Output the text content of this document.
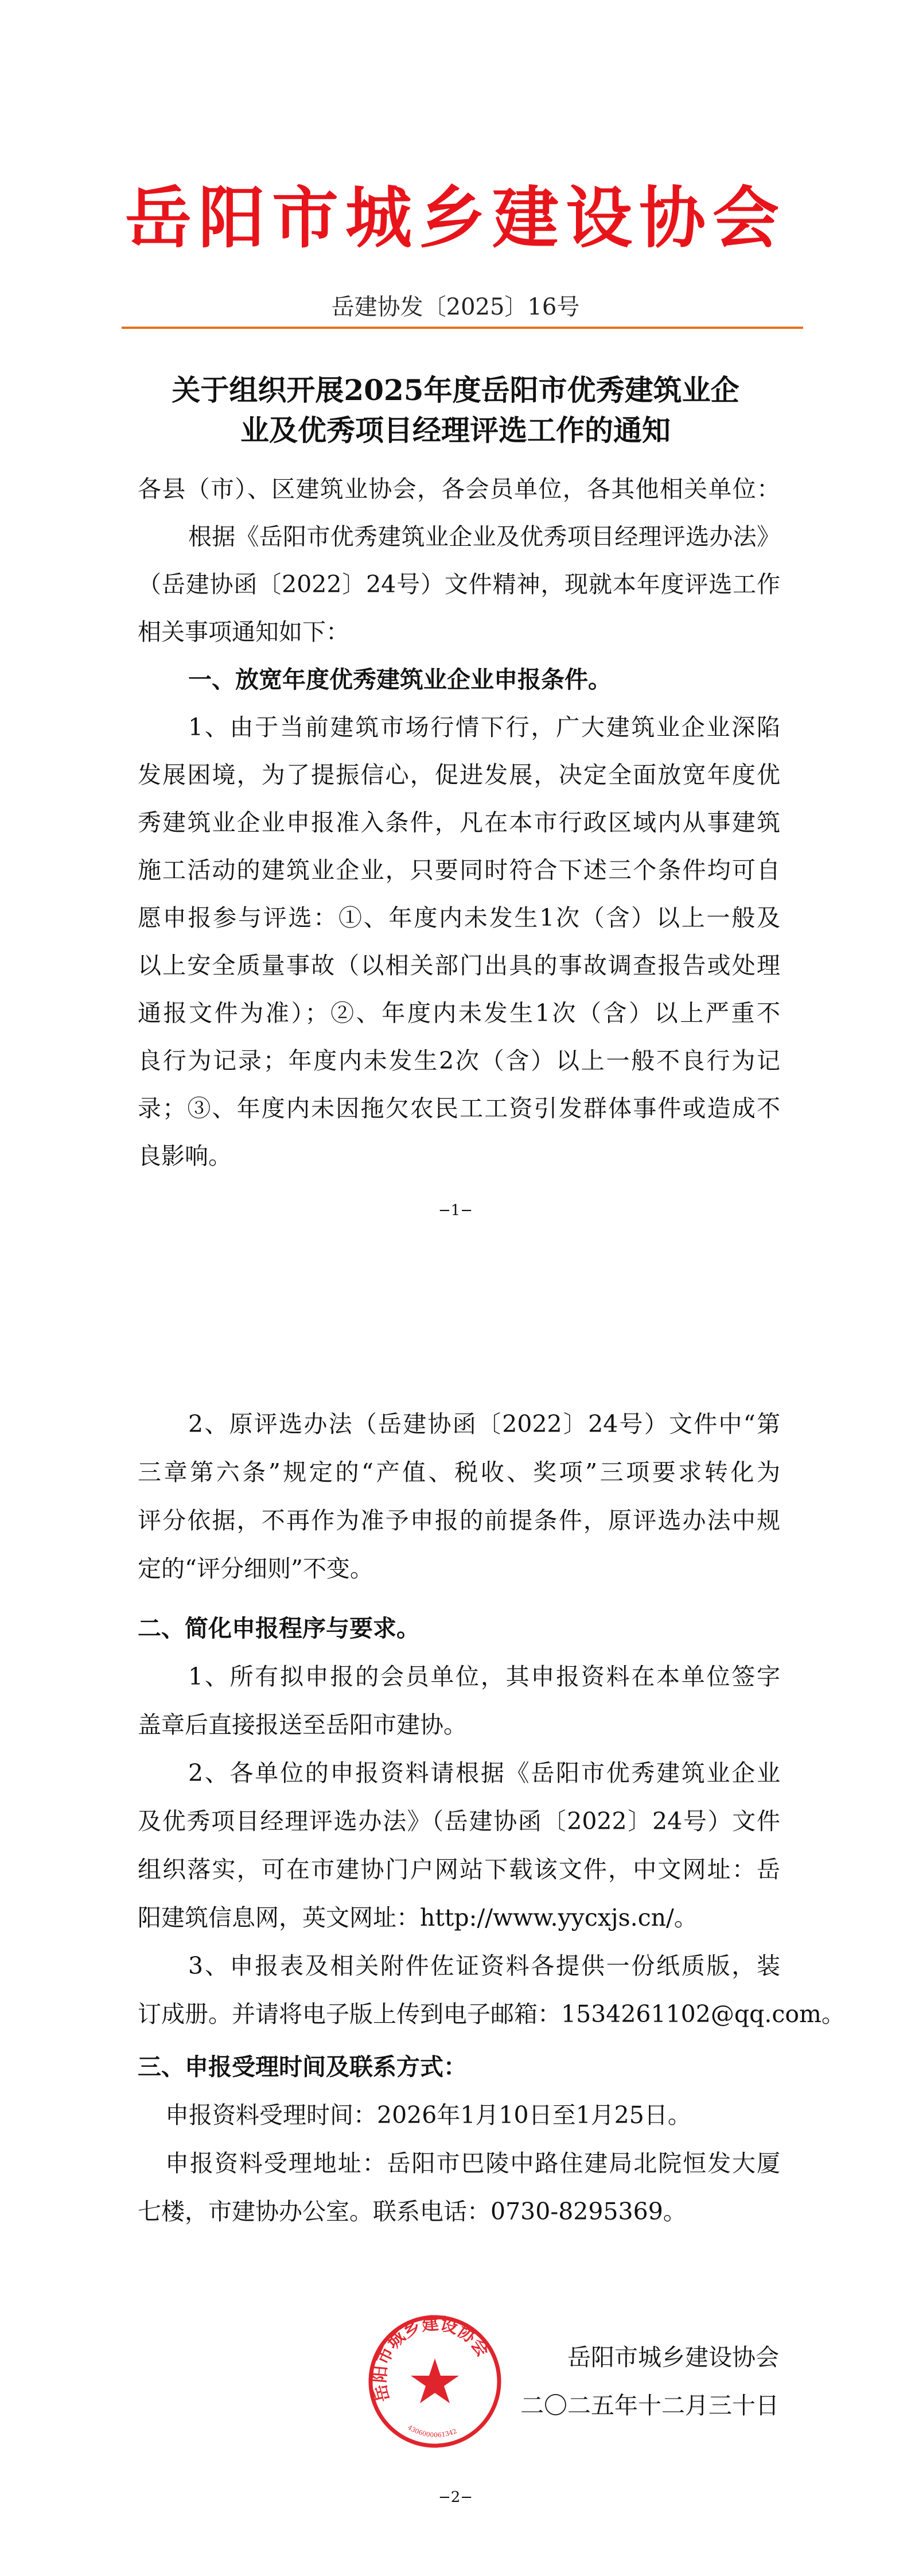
岳阳市城乡建设协会
岳建协发〔2025〕16号
关于组织开展2025年度岳阳市优秀建筑业企
业及优秀项目经理评选工作的通知
各县（市）、区建筑业协会，各会员单位，各其他相关单位：
根据《岳阳市优秀建筑业企业及优秀项目经理评选办法》
（岳建协函〔2022〕24号）文件精神，现就本年度评选工作
相关事项通知如下：
一、放宽年度优秀建筑业企业申报条件。
1、由于当前建筑市场行情下行，广大建筑业企业深陷
发展困境，为了提振信心，促进发展，决定全面放宽年度优
秀建筑业企业申报准入条件，凡在本市行政区域内从事建筑
施工活动的建筑业企业，只要同时符合下述三个条件均可自
愿申报参与评选：①、年度内未发生1次（含）以上一般及
以上安全质量事故（以相关部门出具的事故调查报告或处理
通报文件为准）；②、年度内未发生1次（含）以上严重不
良行为记录；年度内未发生2次（含）以上一般不良行为记
录；③、年度内未因拖欠农民工工资引发群体事件或造成不
良影响。
−1−
2、原评选办法（岳建协函〔2022〕24号）文件中“第
三章第六条”规定的“产值、税收、奖项”三项要求转化为
评分依据，不再作为准予申报的前提条件，原评选办法中规
定的“评分细则”不变。
二、简化申报程序与要求。
1、所有拟申报的会员单位，其申报资料在本单位签字
盖章后直接报送至岳阳市建协。
2、各单位的申报资料请根据《岳阳市优秀建筑业企业
及优秀项目经理评选办法》（岳建协函〔2022〕24号）文件
组织落实，可在市建协门户网站下载该文件，中文网址：岳
阳建筑信息网，英文网址：http://www.yycxjs.cn/。
3、申报表及相关附件佐证资料各提供一份纸质版，装
订成册。并请将电子版上传到电子邮箱：1534261102@qq.com。
三、申报受理时间及联系方式：
申报资料受理时间：2026年1月10日至1月25日。
申报资料受理地址：岳阳市巴陵中路住建局北院恒发大厦
七楼，市建协办公室。联系电话：0730-8295369。
岳阳市城乡建设协会
4306000061342
岳阳市城乡建设协会
二〇二五年十二月三十日
−2−
